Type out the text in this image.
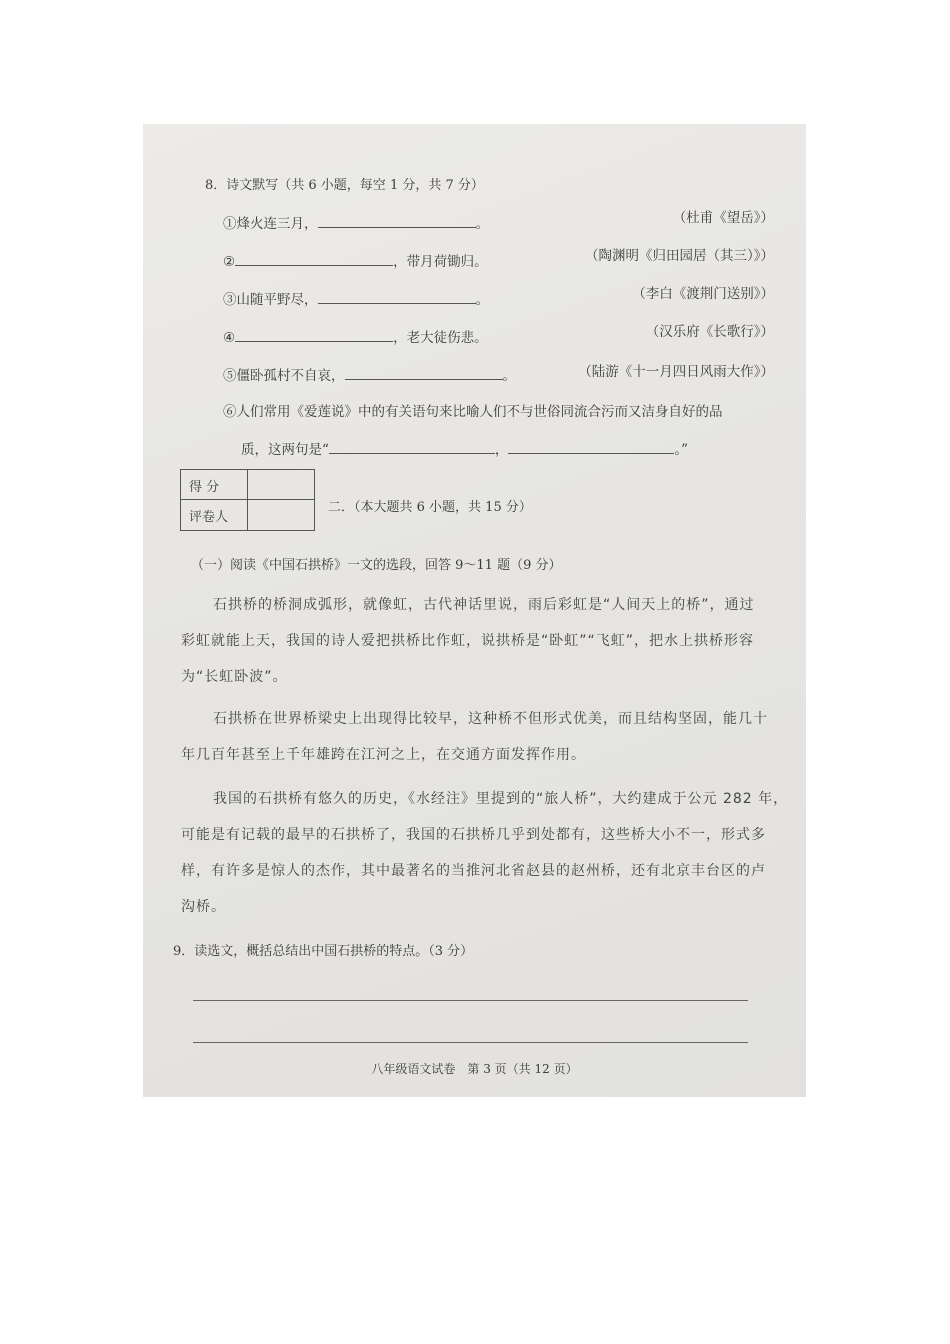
8．诗文默写（共 6 小题，每空 1 分，共 7 分）
①烽火连三月，	。	（杜甫《望岳》）
②	，带月荷锄归。	（陶渊明《归田园居（其三）》）
③山随平野尽，	。	（李白《渡荆门送别》）
④	，老大徒伤悲。	（汉乐府《长歌行》）
⑤僵卧孤村不自哀，	。	（陆游《十一月四日风雨大作》）
⑥人们常用《爱莲说》中的有关语句来比喻人们不与世俗同流合污而又洁身自好的品
质，这两句是“	，	。”
得 分
评卷人
二．（本大题共 6 小题，共 15 分）
（一）阅读《中国石拱桥》一文的选段，回答 9～11 题（9 分）
石拱桥的桥洞成弧形，就像虹，古代神话里说，雨后彩虹是“人间天上的桥”，通过
彩虹就能上天，我国的诗人爱把拱桥比作虹，说拱桥是“卧虹”“飞虹”，把水上拱桥形容
为“长虹卧波”。
石拱桥在世界桥梁史上出现得比较早，这种桥不但形式优美，而且结构坚固，能几十
年几百年甚至上千年雄跨在江河之上，在交通方面发挥作用。
我国的石拱桥有悠久的历史，《水经注》里提到的“旅人桥”，大约建成于公元 282 年，
可能是有记载的最早的石拱桥了，我国的石拱桥几乎到处都有，这些桥大小不一，形式多
样，有许多是惊人的杰作，其中最著名的当推河北省赵县的赵州桥，还有北京丰台区的卢
沟桥。
9．读选文，概括总结出中国石拱桥的特点。（3 分）
八年级语文试卷　第 3 页（共 12 页）
